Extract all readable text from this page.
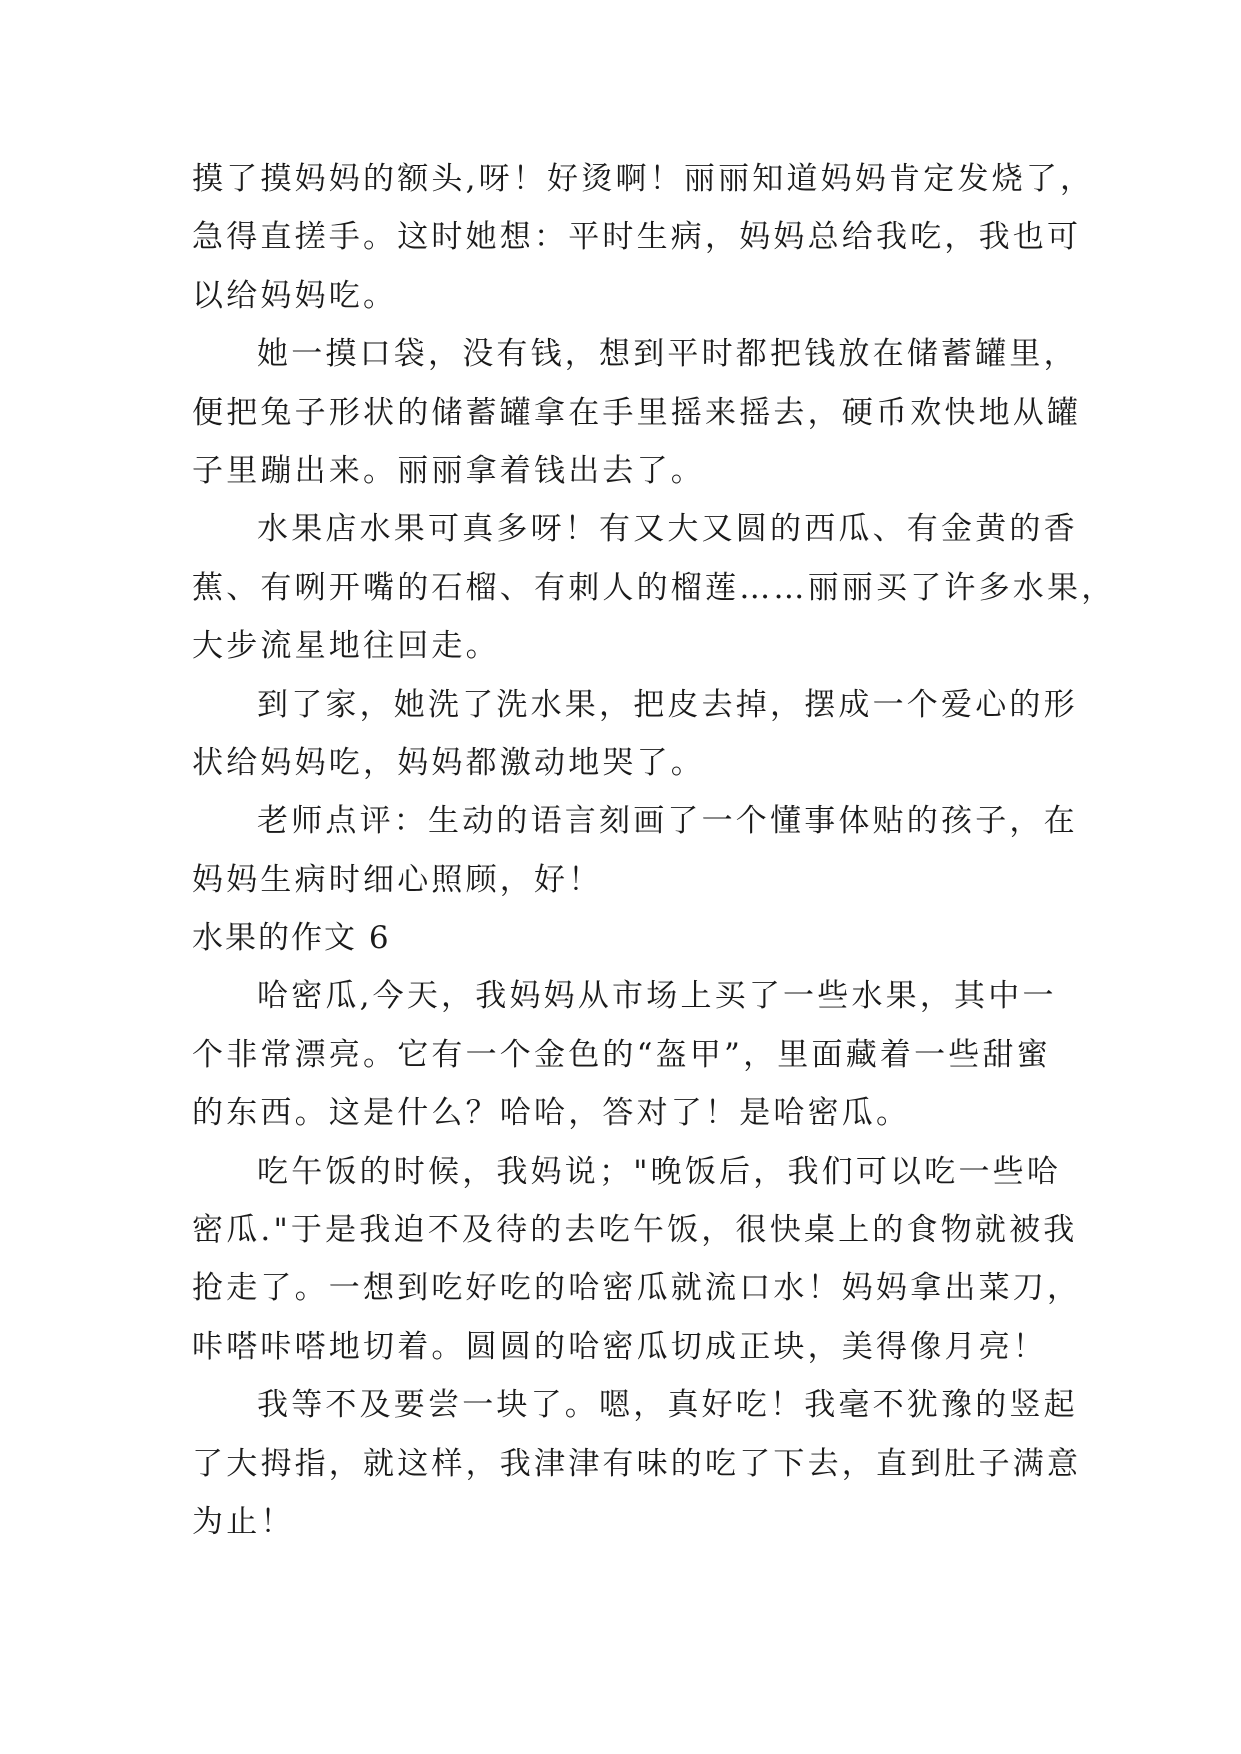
摸了摸妈妈的额头,呀！好烫啊！丽丽知道妈妈肯定发烧了，
急得直搓手。这时她想：平时生病，妈妈总给我吃，我也可
以给妈妈吃。
她一摸口袋，没有钱，想到平时都把钱放在储蓄罐里，
便把兔子形状的储蓄罐拿在手里摇来摇去，硬币欢快地从罐
子里蹦出来。丽丽拿着钱出去了。
水果店水果可真多呀！有又大又圆的西瓜、有金黄的香
蕉、有咧开嘴的石榴、有刺人的榴莲……丽丽买了许多水果，
大步流星地往回走。
到了家，她洗了洗水果，把皮去掉，摆成一个爱心的形
状给妈妈吃，妈妈都激动地哭了。
老师点评：生动的语言刻画了一个懂事体贴的孩子，在
妈妈生病时细心照顾，好！
水果的作文 6
哈密瓜,今天，我妈妈从市场上买了一些水果，其中一
个非常漂亮。它有一个金色的“盔甲”，里面藏着一些甜蜜
的东西。这是什么？哈哈，答对了！是哈密瓜。
吃午饭的时候，我妈说；"晚饭后，我们可以吃一些哈
密瓜."于是我迫不及待的去吃午饭，很快桌上的食物就被我
抢走了。一想到吃好吃的哈密瓜就流口水！妈妈拿出菜刀，
咔嗒咔嗒地切着。圆圆的哈密瓜切成正块，美得像月亮！
我等不及要尝一块了。嗯，真好吃！我毫不犹豫的竖起
了大拇指，就这样，我津津有味的吃了下去，直到肚子满意
为止！
